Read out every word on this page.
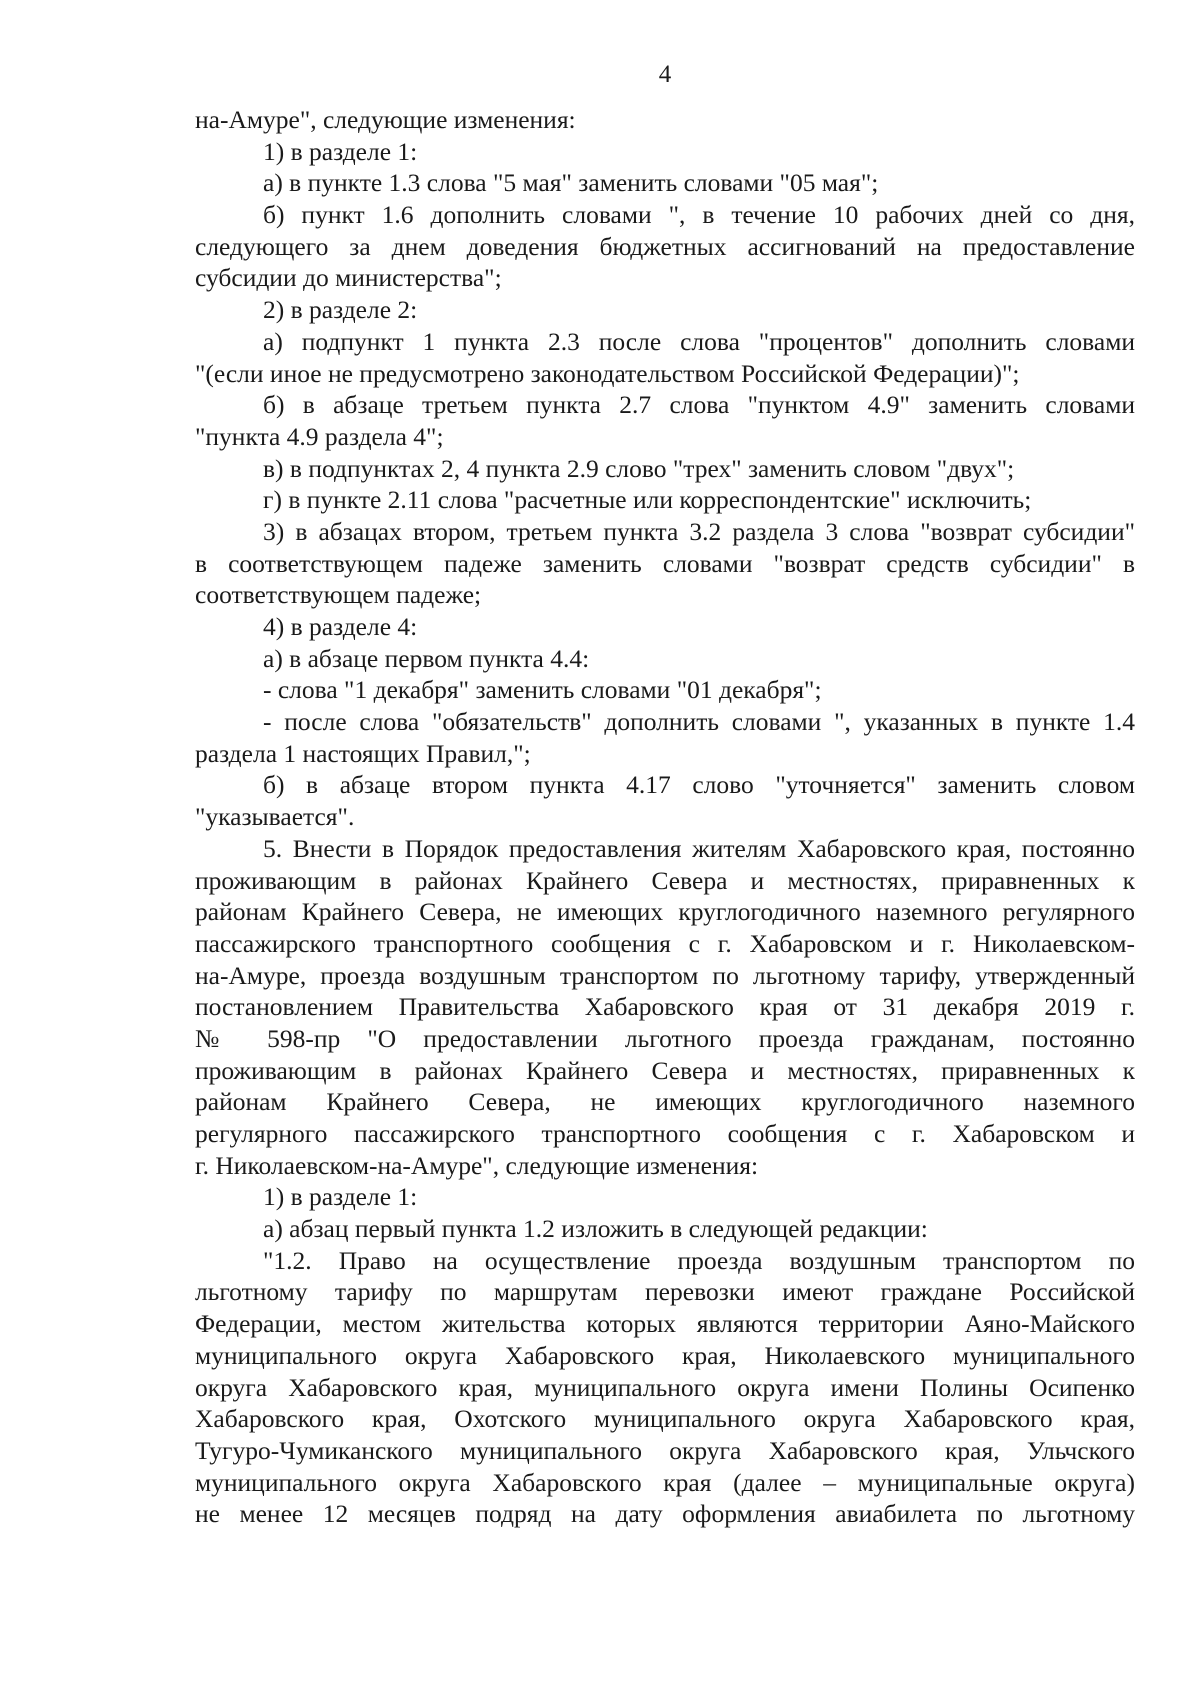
4
на-Амуре", следующие изменения:
1) в разделе 1:
а) в пункте 1.3 слова "5 мая" заменить словами "05 мая";
б) пункт 1.6 дополнить словами ", в течение 10 рабочих дней со дня,
следующего за днем доведения бюджетных ассигнований на предоставление
субсидии до министерства";
2) в разделе 2:
а) подпункт 1 пункта 2.3 после слова "процентов" дополнить словами
"(если иное не предусмотрено законодательством Российской Федерации)";
б) в абзаце третьем пункта 2.7 слова "пунктом 4.9" заменить словами
"пункта 4.9 раздела 4";
в) в подпунктах 2, 4 пункта 2.9 слово "трех" заменить словом "двух";
г) в пункте 2.11 слова "расчетные или корреспондентские" исключить;
3) в абзацах втором, третьем пункта 3.2 раздела 3 слова "возврат субсидии"
в соответствующем падеже заменить словами "возврат средств субсидии" в
соответствующем падеже;
4) в разделе 4:
а) в абзаце первом пункта 4.4:
- слова "1 декабря" заменить словами "01 декабря";
- после слова "обязательств" дополнить словами ", указанных в пункте 1.4
раздела 1 настоящих Правил,";
б) в абзаце втором пункта 4.17 слово "уточняется" заменить словом
"указывается".
5. Внести в Порядок предоставления жителям Хабаровского края, постоянно
проживающим в районах Крайнего Севера и местностях, приравненных к
районам Крайнего Севера, не имеющих круглогодичного наземного регулярного
пассажирского транспортного сообщения с г. Хабаровском и г. Николаевском-
на-Амуре, проезда воздушным транспортом по льготному тарифу, утвержденный
постановлением Правительства Хабаровского края от 31 декабря 2019 г.
№ 598-пр "О предоставлении льготного проезда гражданам, постоянно
проживающим в районах Крайнего Севера и местностях, приравненных к
районам Крайнего Севера, не имеющих круглогодичного наземного
регулярного пассажирского транспортного сообщения с г. Хабаровском и
г. Николаевском-на-Амуре", следующие изменения:
1) в разделе 1:
а) абзац первый пункта 1.2 изложить в следующей редакции:
"1.2. Право на осуществление проезда воздушным транспортом по
льготному тарифу по маршрутам перевозки имеют граждане Российской
Федерации, местом жительства которых являются территории Аяно-Майского
муниципального округа Хабаровского края, Николаевского муниципального
округа Хабаровского края, муниципального округа имени Полины Осипенко
Хабаровского края, Охотского муниципального округа Хабаровского края,
Тугуро-Чумиканского муниципального округа Хабаровского края, Ульчского
муниципального округа Хабаровского края (далее – муниципальные округа)
не менее 12 месяцев подряд на дату оформления авиабилета по льготному
